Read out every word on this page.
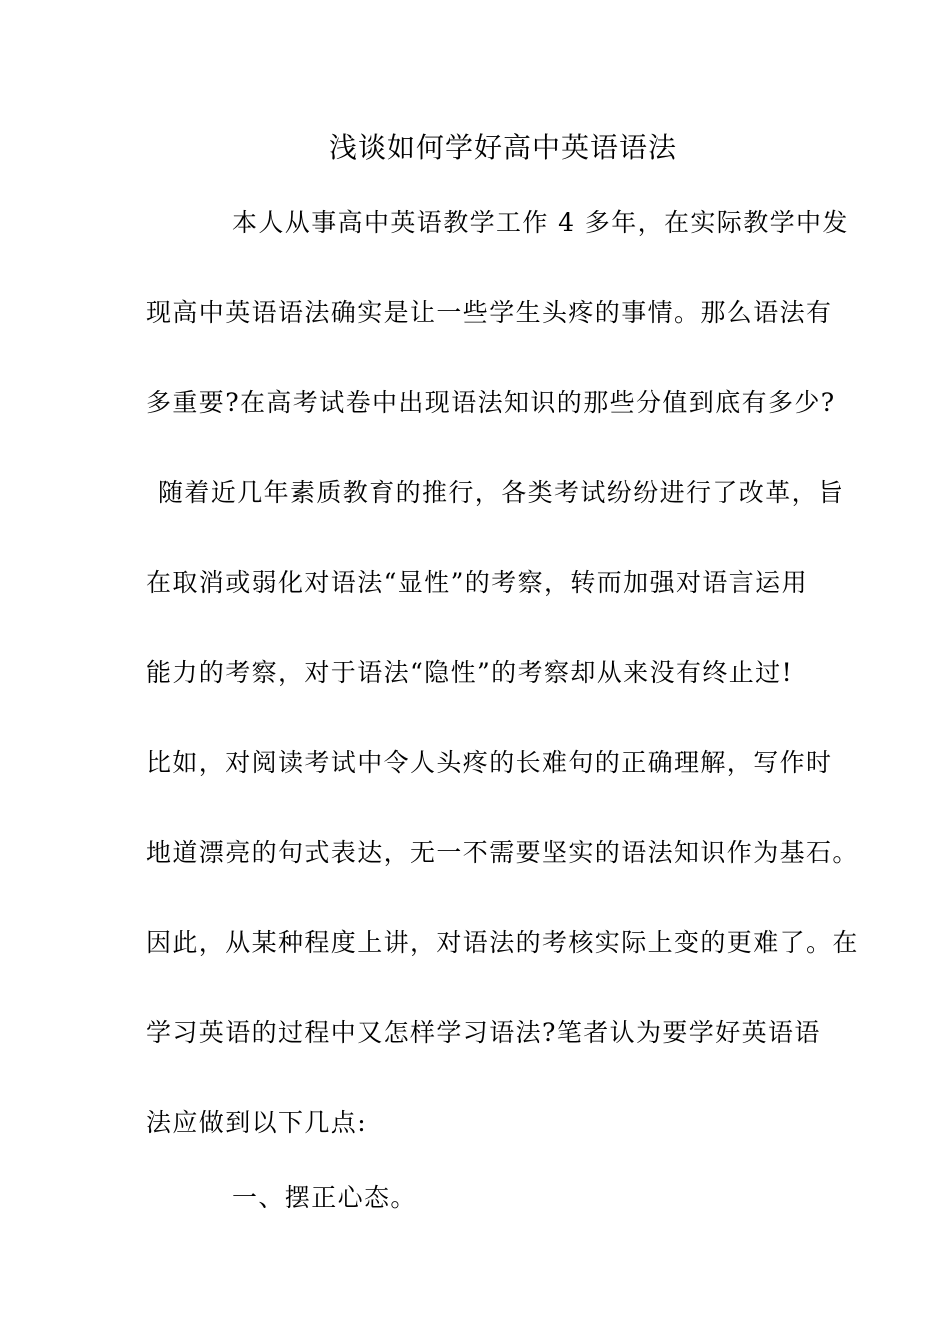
浅谈如何学好高中英语语法
本人从事高中英语教学工作 4 多年，在实际教学中发
现高中英语语法确实是让一些学生头疼的事情。那么语法有
多重要?在高考试卷中出现语法知识的那些分值到底有多少?
随着近几年素质教育的推行，各类考试纷纷进行了改革，旨
在取消或弱化对语法“显性”的考察，转而加强对语言运用
能力的考察，对于语法“隐性”的考察却从来没有终止过!
比如，对阅读考试中令人头疼的长难句的正确理解，写作时
地道漂亮的句式表达，无一不需要坚实的语法知识作为基石。
因此，从某种程度上讲，对语法的考核实际上变的更难了。在
学习英语的过程中又怎样学习语法?笔者认为要学好英语语
法应做到以下几点:
一、摆正心态。
